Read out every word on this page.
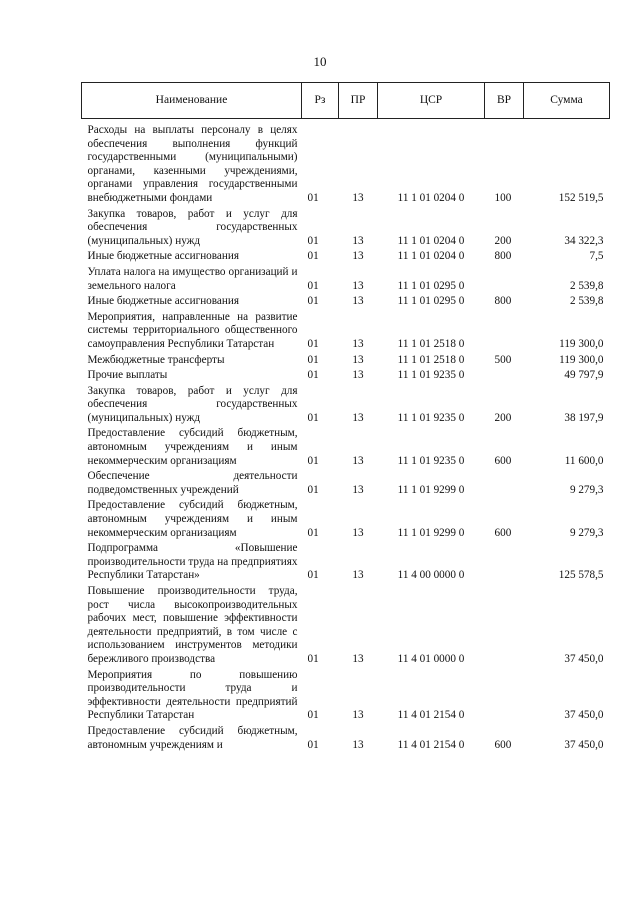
10
Наименование	Рз	ПР	ЦСР	ВР	Сумма
Расходы на выплаты персоналу в целях обеспечения выполнения функций государственными (муниципальными) органами, казенными учреждениями, органами управления государственными внебюджетными фондами	01	13	11 1 01 0204 0	100	152 519,5
Закупка товаров, работ и услуг для обеспечения государственных (муниципальных) нужд	01	13	11 1 01 0204 0	200	34 322,3
Иные бюджетные ассигнования	01	13	11 1 01 0204 0	800	7,5
Уплата налога на имущество организаций и земельного налога	01	13	11 1 01 0295 0		2 539,8
Иные бюджетные ассигнования	01	13	11 1 01 0295 0	800	2 539,8
Мероприятия, направленные на развитие системы территориального общественного самоуправления Республики Татарстан	01	13	11 1 01 2518 0		119 300,0
Межбюджетные трансферты	01	13	11 1 01 2518 0	500	119 300,0
Прочие выплаты	01	13	11 1 01 9235 0		49 797,9
Закупка товаров, работ и услуг для обеспечения государственных (муниципальных) нужд	01	13	11 1 01 9235 0	200	38 197,9
Предоставление субсидий бюджетным, автономным учреждениям и иным некоммерческим организациям	01	13	11 1 01 9235 0	600	11 600,0
Обеспечение деятельности подведомственных учреждений	01	13	11 1 01 9299 0		9 279,3
Предоставление субсидий бюджетным, автономным учреждениям и иным некоммерческим организациям	01	13	11 1 01 9299 0	600	9 279,3
Подпрограмма «Повышение производительности труда на предприятиях Республики Татарстан»	01	13	11 4 00 0000 0		125 578,5
Повышение производительности труда, рост числа высокопроизводительных рабочих мест, повышение эффективности деятельности предприятий, в том числе с использованием инструментов методики бережливого производства	01	13	11 4 01 0000 0		37 450,0
Мероприятия по повышению производительности труда и эффективности деятельности предприятий Республики Татарстан	01	13	11 4 01 2154 0		37 450,0
Предоставление субсидий бюджетным, автономным учреждениям и	01	13	11 4 01 2154 0	600	37 450,0
